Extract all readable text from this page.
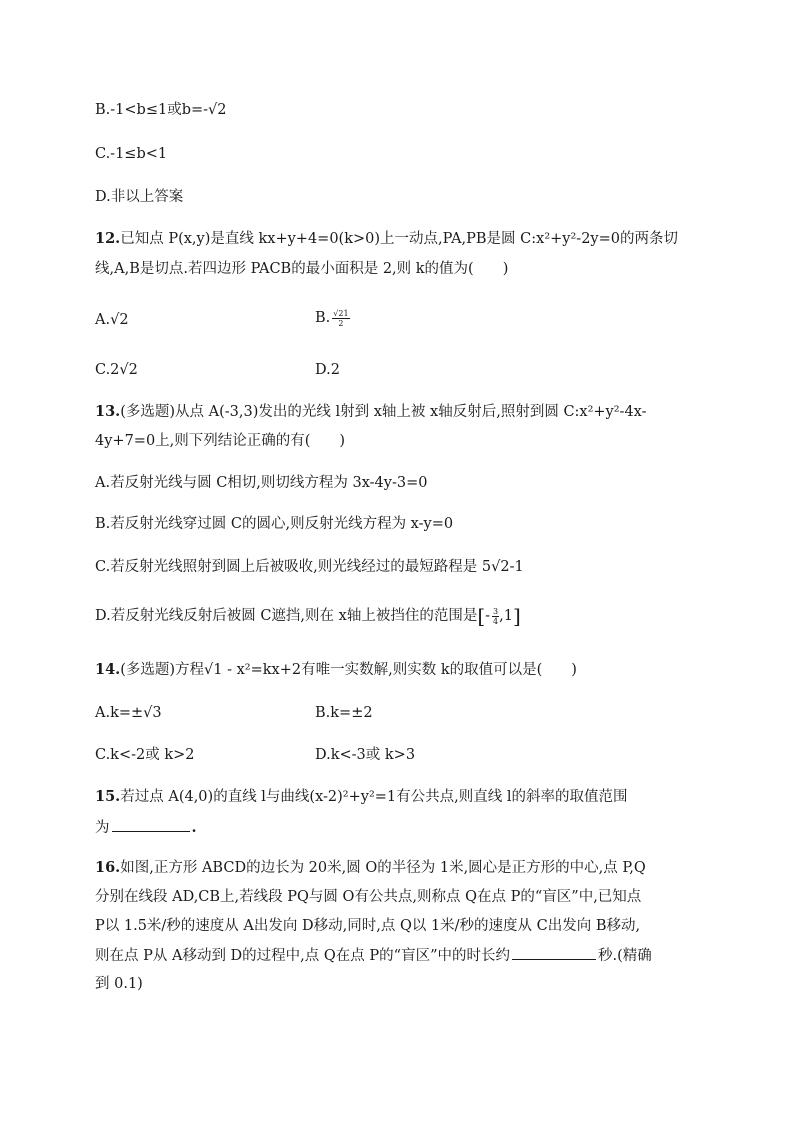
B.-1<b≤1或b=-√2
C.-1≤b<1
D.非以上答案
12.已知点 P(x,y)是直线 kx+y+4=0(k>0)上一动点,PA,PB是圆 C:x²+y²-2y=0的两条切
线,A,B是切点.若四边形 PACB的最小面积是 2,则 k的值为(　　)
A.√2	B. $\frac{√21}{2}$
C.2√2	D.2
13.(多选题)从点 A(-3,3)发出的光线 l射到 x轴上被 x轴反射后,照射到圆 C:x²+y²-4x-
4y+7=0上,则下列结论正确的有(　　)
A.若反射光线与圆 C相切,则切线方程为 3x-4y-3=0
B.若反射光线穿过圆 C的圆心,则反射光线方程为 x-y=0
C.若反射光线照射到圆上后被吸收,则光线经过的最短路程是 5√2-1
D.若反射光线反射后被圆 C遮挡,则在 x轴上被挡住的范围是[- $\frac{3}{4} ,1$]
14.(多选题)方程√1 - x²=kx+2有唯一实数解,则实数 k的取值可以是(　　)
A.k=±√3	B.k=±2
C.k<-2或 k>2	D.k<-3或 k>3
15.若过点 A(4,0)的直线 l与曲线(x-2)²+y²=1有公共点,则直线 l的斜率的取值范围
为	.
16.如图,正方形 ABCD的边长为 20米,圆 O的半径为 1米,圆心是正方形的中心,点 P,Q
分别在线段 AD,CB上,若线段 PQ与圆 O有公共点,则称点 Q在点 P的“盲区”中,已知点
P以 1.5米/秒的速度从 A出发向 D移动,同时,点 Q以 1米/秒的速度从 C出发向 B移动,
则在点 P从 A移动到 D的过程中,点 Q在点 P的“盲区”中的时长约	秒.(精确
到 0.1)
